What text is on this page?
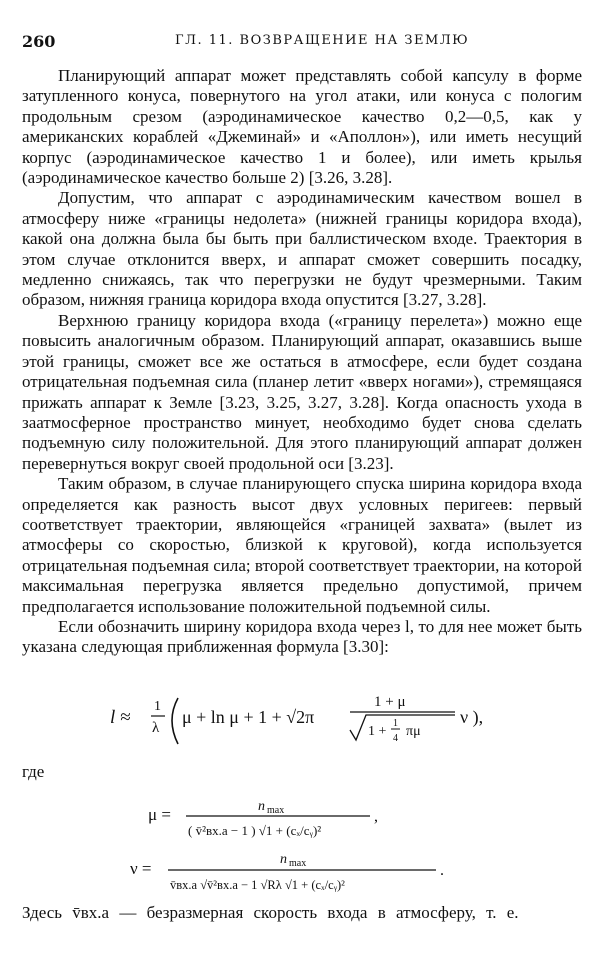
260	ГЛ. 11. ВОЗВРАЩЕНИЕ НА ЗЕМЛЮ

Планирующий аппарат может представлять собой капсулу в форме затупленного конуса, повернутого на угол атаки, или конуса с пологим продольным срезом (аэродинамическое качество 0,2—0,5, как у американских кораблей «Джеминай» и «Аполлон»), или иметь несущий корпус (аэродинамическое качество 1 и более), или иметь крылья (аэродинамическое качество больше 2) [3.26, 3.28].

Допустим, что аппарат с аэродинамическим качеством вошел в атмосферу ниже «границы недолета» (нижней границы коридора входа), какой она должна была бы быть при баллистическом входе. Траектория в этом случае отклонится вверх, и аппарат сможет совершить посадку, медленно снижаясь, так что перегрузки не будут чрезмерными. Таким образом, нижняя граница коридора входа опустится [3.27, 3.28].

Верхнюю границу коридора входа («границу перелета») можно еще повысить аналогичным образом. Планирующий аппарат, оказавшись выше этой границы, сможет все же остаться в атмосфере, если будет создана отрицательная подъемная сила (планер летит «вверх ногами»), стремящаяся прижать аппарат к Земле [3.23, 3.25, 3.27, 3.28]. Когда опасность ухода в заатмосферное пространство минует, необходимо будет снова сделать подъемную силу положительной. Для этого планирующий аппарат должен перевернуться вокруг своей продольной оси [3.23].

Таким образом, в случае планирующего спуска ширина коридора входа определяется как разность высот двух условных перигеев: первый соответствует траектории, являющейся «границей захвата» (вылет из атмосферы со скоростью, близкой к круговой), когда используется отрицательная подъемная сила; второй соответствует траектории, на которой максимальная перегрузка является предельно допустимой, причем предполагается использование положительной подъемной силы.

Если обозначить ширину коридора входа через l, то для нее может быть указана следующая приближенная формула [3.30]:

l ≈
1
λ
μ + ln μ + 1 + √2π
1 + μ
1 +
1
4 πμ
ν ),
где
μ =	n max
( v̄²вх.а − 1 ) √1 + (cₓ/cᵧ)²
,
ν =	n max
v̄вх.а √v̄²вх.а − 1 √Rλ √1 + (cₓ/cᵧ)²
.
Здесь v̄вх.а — безразмерная скорость входа в атмосферу, т. е.
